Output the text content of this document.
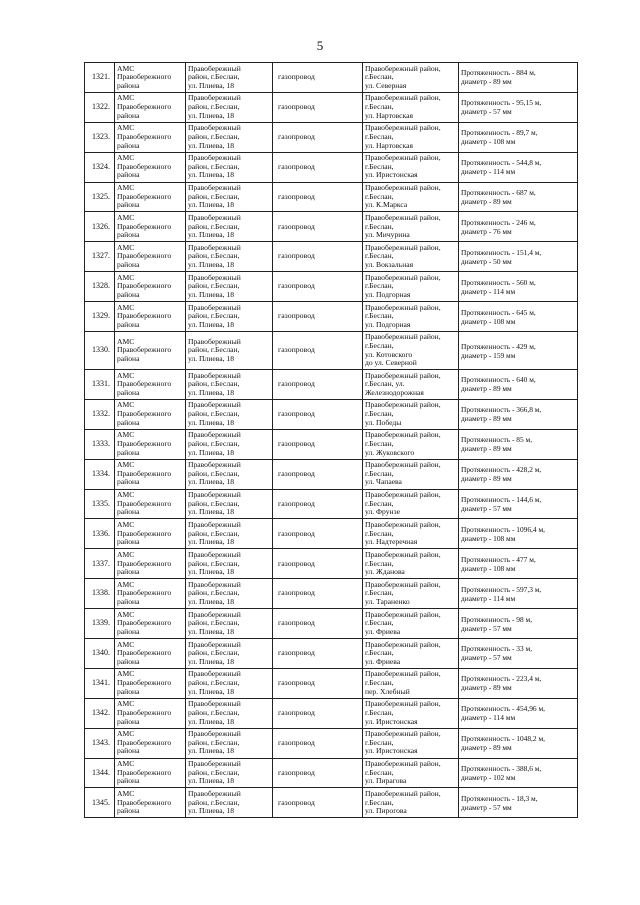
5
1321.	АМС
Правобережного
района	Правобережный
район, г.Беслан,
ул. Плиева, 18	газопровод	Правобережный район,
г.Беслан,
ул. Северная	Протяженность - 884 м,
диаметр - 89 мм

1322.	АМС
Правобережного
района	Правобережный
район, г.Беслан,
ул. Плиева, 18	газопровод	Правобережный район,
г.Беслан,
ул. Нартовская	Протяженность - 95,15 м,
диаметр - 57 мм

1323.	АМС
Правобережного
района	Правобережный
район, г.Беслан,
ул. Плиева, 18	газопровод	Правобережный район,
г.Беслан,
ул. Нартовская	Протяженность - 89,7 м,
диаметр - 108 мм

1324.	АМС
Правобережного
района	Правобережный
район, г.Беслан,
ул. Плиева, 18	газопровод	Правобережный район,
г.Беслан,
ул. Иристонская	Протяженность - 544,8 м,
диаметр - 114 мм

1325.	АМС
Правобережного
района	Правобережный
район, г.Беслан,
ул. Плиева, 18	газопровод	Правобережный район,
г.Беслан,
ул. К.Маркса	Протяженность - 687 м,
диаметр - 89 мм

1326.	АМС
Правобережного
района	Правобережный
район, г.Беслан,
ул. Плиева, 18	газопровод	Правобережный район,
г.Беслан,
ул. Мичурина	Протяженность - 246 м,
диаметр - 76 мм

1327.	АМС
Правобережного
района	Правобережный
район, г.Беслан,
ул. Плиева, 18	газопровод	Правобережный район,
г.Беслан,
ул. Вокзальная	Протяженность - 151,4 м,
диаметр - 50 мм

1328.	АМС
Правобережного
района	Правобережный
район, г.Беслан,
ул. Плиева, 18	газопровод	Правобережный район,
г.Беслан,
ул. Подгорная	Протяженность - 560 м,
диаметр - 114 мм

1329.	АМС
Правобережного
района	Правобережный
район, г.Беслан,
ул. Плиева, 18	газопровод	Правобережный район,
г.Беслан,
ул. Подгорная	Протяженность - 645 м,
диаметр - 108 мм

1330.	АМС
Правобережного
района	Правобережный
район, г.Беслан,
ул. Плиева, 18	газопровод	Правобережный район,
г.Беслан,
ул. Котовского
до ул. Северной	Протяженность - 429 м,
диаметр - 159 мм

1331.	АМС
Правобережного
района	Правобережный
район, г.Беслан,
ул. Плиева, 18	газопровод	Правобережный район,
г.Беслан, ул.
Железнодорожная	Протяженность - 640 м,
диаметр - 89 мм

1332.	АМС
Правобережного
района	Правобережный
район, г.Беслан,
ул. Плиева, 18	газопровод	Правобережный район,
г.Беслан,
ул. Победы	Протяженность - 366,8 м,
диаметр - 89 мм

1333.	АМС
Правобережного
района	Правобережный
район, г.Беслан,
ул. Плиева, 18	газопровод	Правобережный район,
г.Беслан,
ул. Жуковского	Протяженность - 85 м,
диаметр - 89 мм

1334.	АМС
Правобережного
района	Правобережный
район, г.Беслан,
ул. Плиева, 18	газопровод	Правобережный район,
г.Беслан,
ул. Чапаева	Протяженность - 428,2 м,
диаметр - 89 мм

1335.	АМС
Правобережного
района	Правобережный
район, г.Беслан,
ул. Плиева, 18	газопровод	Правобережный район,
г.Беслан,
ул. Фрунзе	Протяженность - 144,6 м,
диаметр - 57 мм

1336.	АМС
Правобережного
района	Правобережный
район, г.Беслан,
ул. Плиева, 18	газопровод	Правобережный район,
г.Беслан,
ул. Надтеречная	Протяженность - 1096,4 м,
диаметр - 108 мм

1337.	АМС
Правобережного
района	Правобережный
район, г.Беслан,
ул. Плиева, 18	газопровод	Правобережный район,
г.Беслан,
ул. Жданова	Протяженность - 477 м,
диаметр - 108 мм

1338.	АМС
Правобережного
района	Правобережный
район, г.Беслан,
ул. Плиева, 18	газопровод	Правобережный район,
г.Беслан,
ул. Тараненко	Протяженность - 597,3 м,
диаметр - 114 мм

1339.	АМС
Правобережного
района	Правобережный
район, г.Беслан,
ул. Плиева, 18	газопровод	Правобережный район,
г.Беслан,
ул. Фриева	Протяженность - 98 м,
диаметр - 57 мм

1340.	АМС
Правобережного
района	Правобережный
район, г.Беслан,
ул. Плиева, 18	газопровод	Правобережный район,
г.Беслан,
ул. Фриева	Протяженность - 33 м,
диаметр - 57 мм

1341.	АМС
Правобережного
района	Правобережный
район, г.Беслан,
ул. Плиева, 18	газопровод	Правобережный район,
г.Беслан,
пер. Хлебный	Протяженность - 223,4 м,
диаметр - 89 мм

1342.	АМС
Правобережного
района	Правобережный
район, г.Беслан,
ул. Плиева, 18	газопровод	Правобережный район,
г.Беслан,
ул. Иристонская	Протяженность - 454,96 м,
диаметр - 114 мм

1343.	АМС
Правобережного
района	Правобережный
район, г.Беслан,
ул. Плиева, 18	газопровод	Правобережный район,
г.Беслан,
ул. Иристонская	Протяженность - 1048,2 м,
диаметр - 89 мм

1344.	АМС
Правобережного
района	Правобережный
район, г.Беслан,
ул. Плиева, 18	газопровод	Правобережный район,
г.Беслан,
ул. Пирагова	Протяженность - 388,6 м,
диаметр - 102 мм

1345.	АМС
Правобережного
района	Правобережный
район, г.Беслан,
ул. Плиева, 18	газопровод	Правобережный район,
г.Беслан,
ул. Пирогова	Протяженность - 18,3 м,
диаметр - 57 мм
